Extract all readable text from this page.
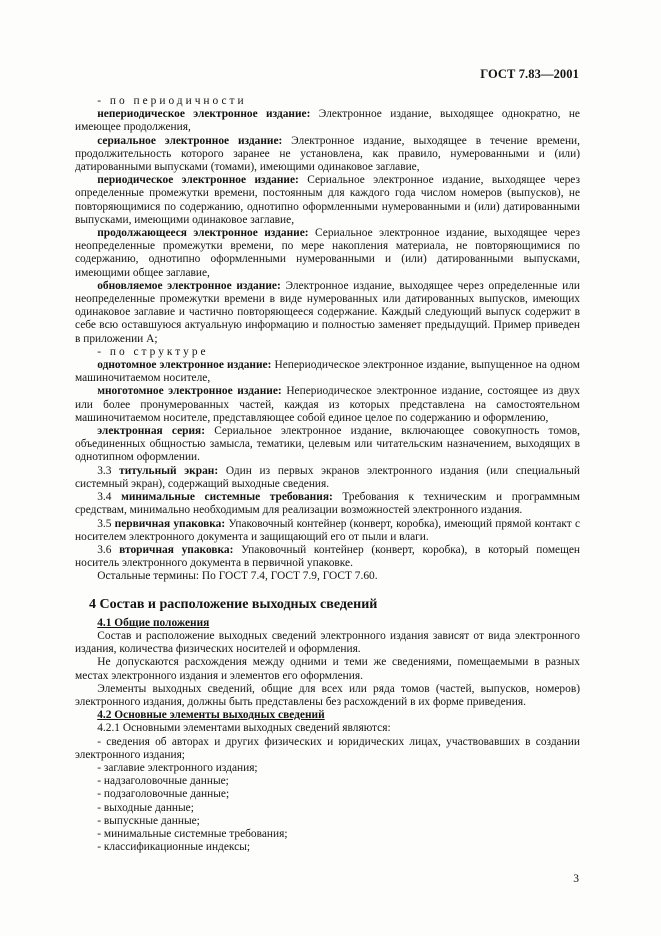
ГОСТ 7.83—2001

- по периодичности

непериодическое электронное издание: Электронное издание, выходящее однократно, не имеющее продолжения,

сериальное электронное издание: Электронное издание, выходящее в течение времени, продолжительность которого заранее не установлена, как правило, нумерованными и (или) датированными выпусками (томами), имеющими одинаковое заглавие,

периодическое электронное издание: Сериальное электронное издание, выходящее через определенные промежутки времени, постоянным для каждого года числом номеров (выпусков), не повторяющимися по содержанию, однотипно оформленными нумерованными и (или) датированными выпусками, имеющими одинаковое заглавие,

продолжающееся электронное издание: Сериальное электронное издание, выходящее через неопределенные промежутки времени, по мере накопления материала, не повторяющимися по содержанию, однотипно оформленными нумерованными и (или) датированными выпусками, имеющими общее заглавие,

обновляемое электронное издание: Электронное издание, выходящее через определенные или неопределенные промежутки времени в виде нумерованных или датированных выпусков, имеющих одинаковое заглавие и частично повторяющееся содержание. Каждый следующий выпуск содержит в себе всю оставшуюся актуальную информацию и полностью заменяет предыдущий. Пример приведен в приложении А;

- по структуре

однотомное электронное издание: Непериодическое электронное издание, выпущенное на одном машиночитаемом носителе,

многотомное электронное издание: Непериодическое электронное издание, состоящее из двух или более пронумерованных частей, каждая из которых представлена на самостоятельном машиночитаемом носителе, представляющее собой единое целое по содержанию и оформлению,

электронная серия: Сериальное электронное издание, включающее совокупность томов, объединенных общностью замысла, тематики, целевым или читательским назначением, выходящих в однотипном оформлении.

3.3 титульный экран: Один из первых экранов электронного издания (или специальный системный экран), содержащий выходные сведения.

3.4 минимальные системные требования: Требования к техническим и программным средствам, минимально необходимым для реализации возможностей электронного издания.

3.5 первичная упаковка: Упаковочный контейнер (конверт, коробка), имеющий прямой контакт с носителем электронного документа и защищающий его от пыли и влаги.

3.6 вторичная упаковка: Упаковочный контейнер (конверт, коробка), в который помещен носитель электронного документа в первичной упаковке.

Остальные термины: По ГОСТ 7.4, ГОСТ 7.9, ГОСТ 7.60.

4 Состав и расположение выходных сведений

4.1 Общие положения

Состав и расположение выходных сведений электронного издания зависят от вида электронного издания, количества физических носителей и оформления.

Не допускаются расхождения между одними и теми же сведениями, помещаемыми в разных местах электронного издания и элементов его оформления.

Элементы выходных сведений, общие для всех или ряда томов (частей, выпусков, номеров) электронного издания, должны быть представлены без расхождений в их форме приведения.

4.2 Основные элементы выходных сведений

4.2.1 Основными элементами выходных сведений являются:

- сведения об авторах и других физических и юридических лицах, участвовавших в создании электронного издания;

- заглавие электронного издания;

- надзаголовочные данные;

- подзаголовочные данные;

- выходные данные;

- выпускные данные;

- минимальные системные требования;

- классификационные индексы;

3
